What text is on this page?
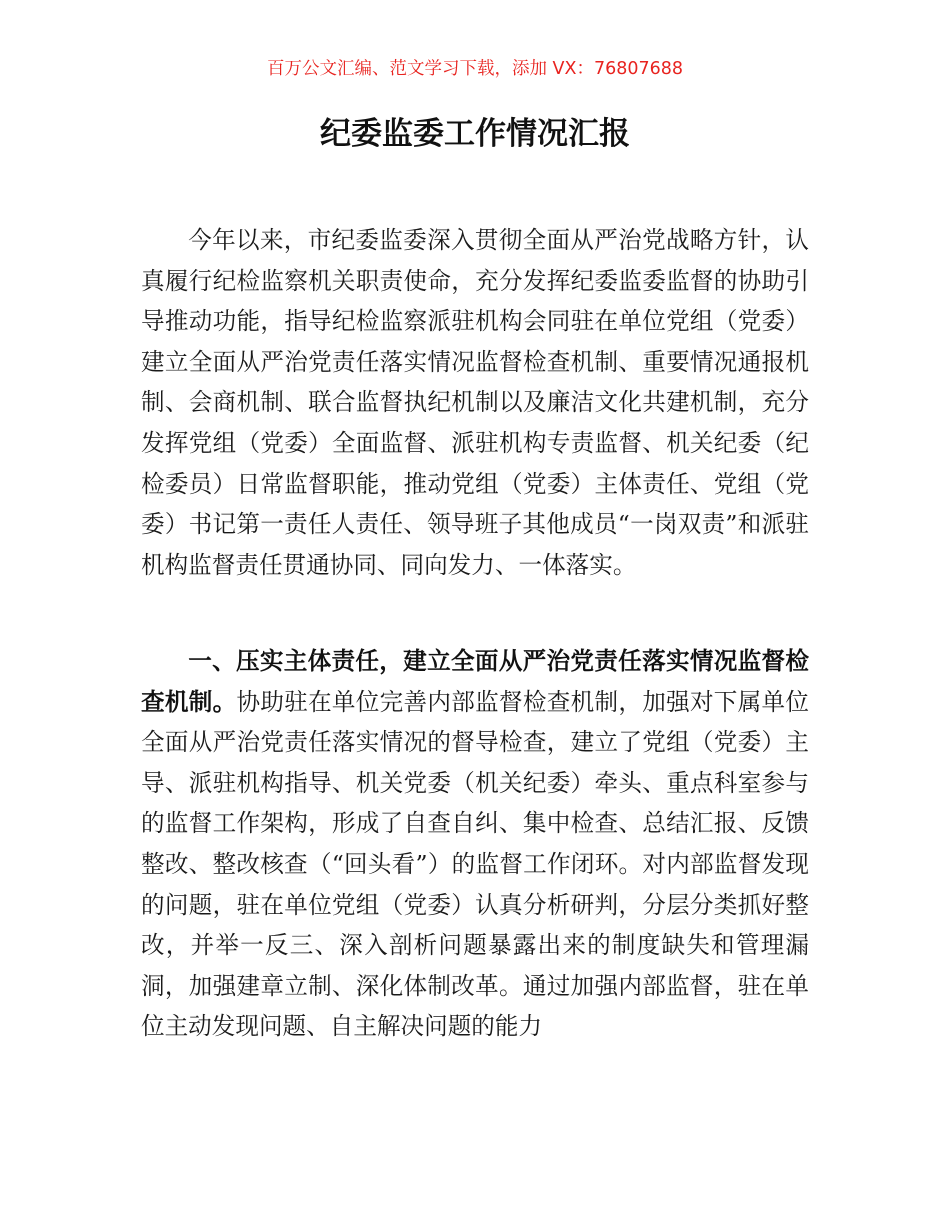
百万公文汇编、范文学习下载，添加 VX：76807688
纪委监委工作情况汇报

今年以来，市纪委监委深入贯彻全面从严治党战略方针，认真履行纪检监察机关职责使命，充分发挥纪委监委监督的协助引导推动功能，指导纪检监察派驻机构会同驻在单位党组（党委）建立全面从严治党责任落实情况监督检查机制、重要情况通报机制、会商机制、联合监督执纪机制以及廉洁文化共建机制，充分发挥党组（党委）全面监督、派驻机构专责监督、机关纪委（纪检委员）日常监督职能，推动党组（党委）主体责任、党组（党委）书记第一责任人责任、领导班子其他成员“一岗双责”和派驻机构监督责任贯通协同、同向发力、一体落实。

一、压实主体责任，建立全面从严治党责任落实情况监督检查机制。协助驻在单位完善内部监督检查机制，加强对下属单位全面从严治党责任落实情况的督导检查，建立了党组（党委）主导、派驻机构指导、机关党委（机关纪委）牵头、重点科室参与的监督工作架构，形成了自查自纠、集中检查、总结汇报、反馈整改、整改核查（“回头看”）的监督工作闭环。对内部监督发现的问题，驻在单位党组（党委）认真分析研判，分层分类抓好整改，并举一反三、深入剖析问题暴露出来的制度缺失和管理漏洞，加强建章立制、深化体制改革。通过加强内部监督，驻在单位主动发现问题、自主解决问题的能力
